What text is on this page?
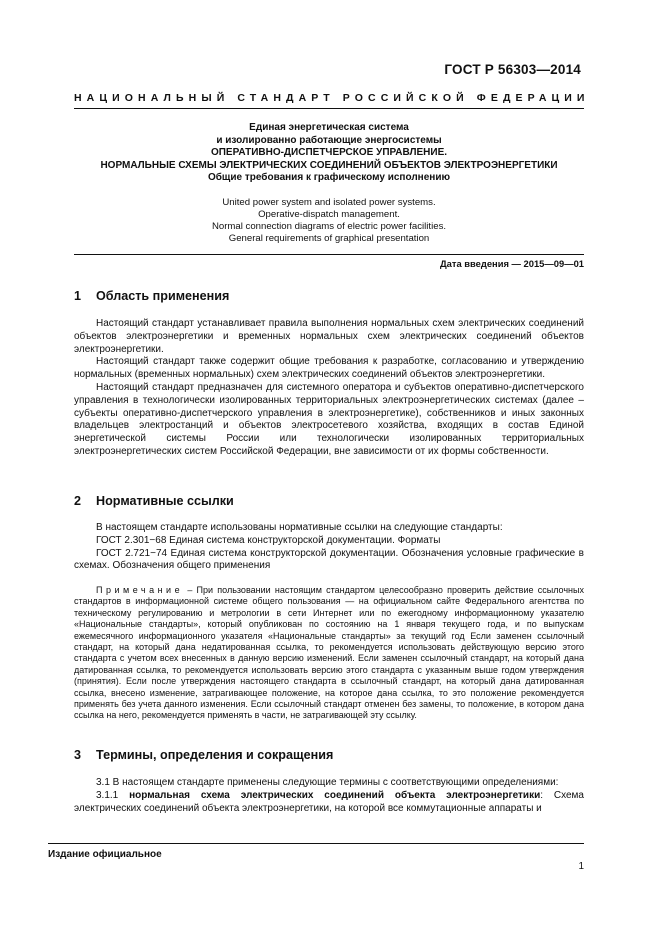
ГОСТ Р 56303—2014
НАЦИОНАЛЬНЫЙ СТАНДАРТ РОССИЙСКОЙ ФЕДЕРАЦИИ
Единая энергетическая система
и изолированно работающие энергосистемы
ОПЕРАТИВНО-ДИСПЕТЧЕРСКОЕ УПРАВЛЕНИЕ.
НОРМАЛЬНЫЕ СХЕМЫ ЭЛЕКТРИЧЕСКИХ СОЕДИНЕНИЙ ОБЪЕКТОВ ЭЛЕКТРОЭНЕРГЕТИКИ
Общие требования к графическому исполнению
United power system and isolated power systems.
Operative-dispatch management.
Normal connection diagrams of electric power facilities.
General requirements of graphical presentation
Дата введения — 2015—09—01
1 Область применения

Настоящий стандарт устанавливает правила выполнения нормальных схем электрических соединений объектов электроэнергетики и временных нормальных схем электрических соединений объектов электроэнергетики.

Настоящий стандарт также содержит общие требования к разработке, согласованию и утверждению нормальных (временных нормальных) схем электрических соединений объектов электроэнергетики.

Настоящий стандарт предназначен для системного оператора и субъектов оперативно-диспетчерского управления в технологически изолированных территориальных электроэнергетических системах (далее – субъекты оперативно-диспетчерского управления в электроэнергетике), собственников и иных законных владельцев электростанций и объектов электросетевого хозяйства, входящих в состав Единой энергетической системы России или технологически изолированных территориальных электроэнергетических систем Российской Федерации, вне зависимости от их формы собственности.

2 Нормативные ссылки

В настоящем стандарте использованы нормативные ссылки на следующие стандарты:

ГОСТ 2.301−68 Единая система конструкторской документации. Форматы

ГОСТ 2.721−74 Единая система конструкторской документации. Обозначения условные графические в схемах. Обозначения общего применения

Примечание – При пользовании настоящим стандартом целесообразно проверить действие ссылочных стандартов в информационной системе общего пользования — на официальном сайте Федерального агентства по техническому регулированию и метрологии в сети Интернет или по ежегодному информационному указателю «Национальные стандарты», который опубликован по состоянию на 1 января текущего года, и по выпускам ежемесячного информационного указателя «Национальные стандарты» за текущий год Если заменен ссылочный стандарт, на который дана недатированная ссылка, то рекомендуется использовать действующую версию этого стандарта с учетом всех внесенных в данную версию изменений. Если заменен ссылочный стандарт, на который дана датированная ссылка, то рекомендуется использовать версию этого стандарта с указанным выше годом утверждения (принятия). Если после утверждения настоящего стандарта в ссылочный стандарт, на который дана датированная ссылка, внесено изменение, затрагивающее положение, на которое дана ссылка, то это положение рекомендуется применять без учета данного изменения. Если ссылочный стандарт отменен без замены, то положение, в котором дана ссылка на него, рекомендуется применять в части, не затрагивающей эту ссылку.
3 Термины, определения и сокращения

3.1 В настоящем стандарте применены следующие термины с соответствующими определениями:

3.1.1 нормальная схема электрических соединений объекта электроэнергетики: Схема электрических соединений объекта электроэнергетики, на которой все коммутационные аппараты и

Издание официальное
1
